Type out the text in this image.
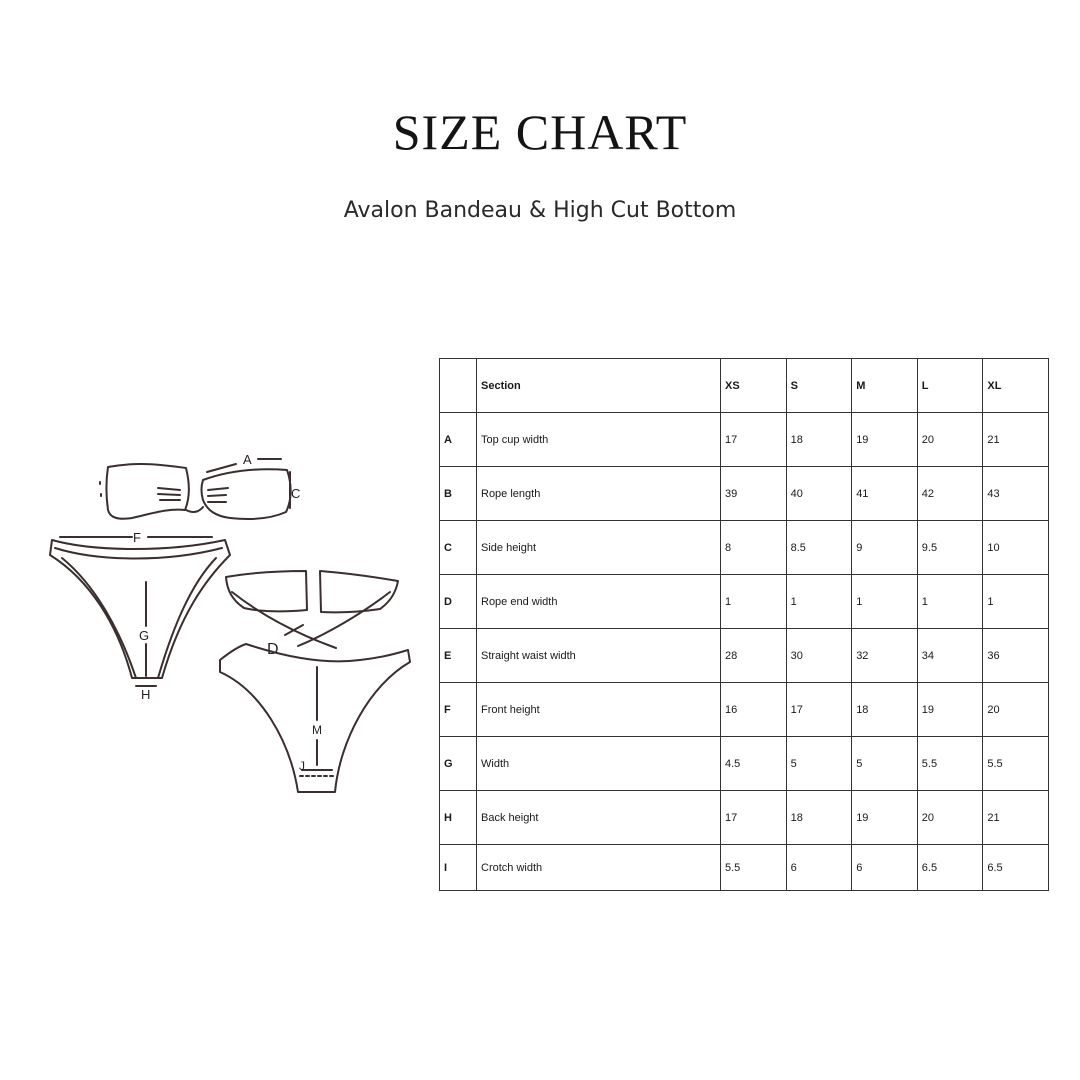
SIZE CHART
Avalon Bandeau & High Cut Bottom
A
C
F
G
H
D
M
J
	Section	XS	S	M	L	XL
A	Top cup width	17	18	19	20	21
B	Rope length	39	40	41	42	43
C	Side height	8	8.5	9	9.5	10
D	Rope end width	1	1	1	1	1
E	Straight waist width	28	30	32	34	36
F	Front height	16	17	18	19	20
G	Width	4.5	5	5	5.5	5.5
H	Back height	17	18	19	20	21
I	Crotch width	5.5	6	6	6.5	6.5
